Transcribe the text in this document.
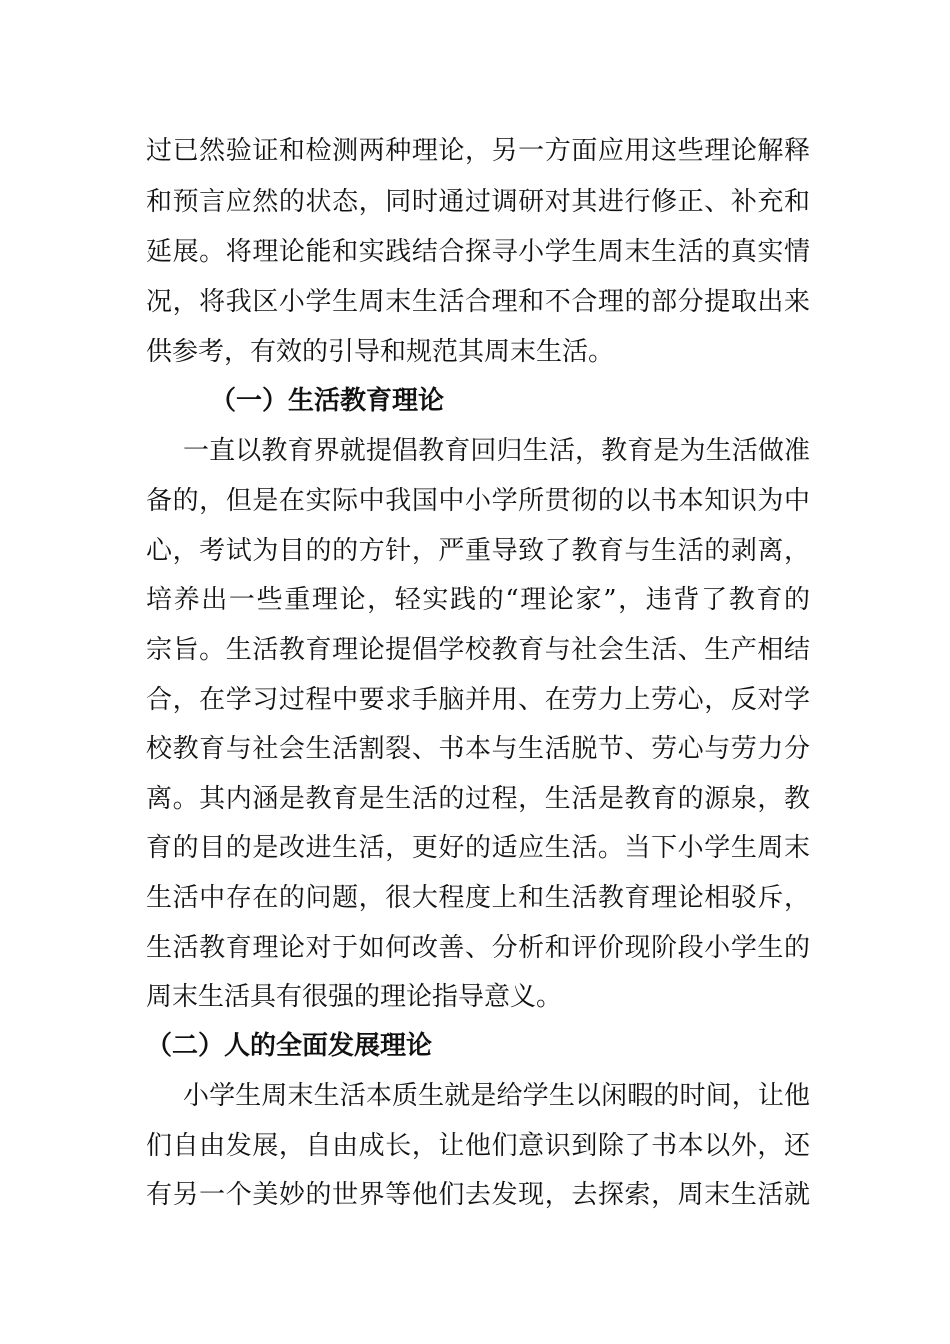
过已然验证和检测两种理论，另一方面应用这些理论解释
和预言应然的状态，同时通过调研对其进行修正、补充和
延展。将理论能和实践结合探寻小学生周末生活的真实情
况，将我区小学生周末生活合理和不合理的部分提取出来
供参考，有效的引导和规范其周末生活。
（一）生活教育理论
一直以教育界就提倡教育回归生活，教育是为生活做准
备的，但是在实际中我国中小学所贯彻的以书本知识为中
心，考试为目的的方针，严重导致了教育与生活的剥离，
培养出一些重理论，轻实践的“理论家”，违背了教育的
宗旨。生活教育理论提倡学校教育与社会生活、生产相结
合，在学习过程中要求手脑并用、在劳力上劳心，反对学
校教育与社会生活割裂、书本与生活脱节、劳心与劳力分
离。其内涵是教育是生活的过程，生活是教育的源泉，教
育的目的是改进生活，更好的适应生活。当下小学生周末
生活中存在的问题，很大程度上和生活教育理论相驳斥，
生活教育理论对于如何改善、分析和评价现阶段小学生的
周末生活具有很强的理论指导意义。
（二）人的全面发展理论
小学生周末生活本质生就是给学生以闲暇的时间，让他
们自由发展，自由成长，让他们意识到除了书本以外，还
有另一个美妙的世界等他们去发现，去探索，周末生活就
